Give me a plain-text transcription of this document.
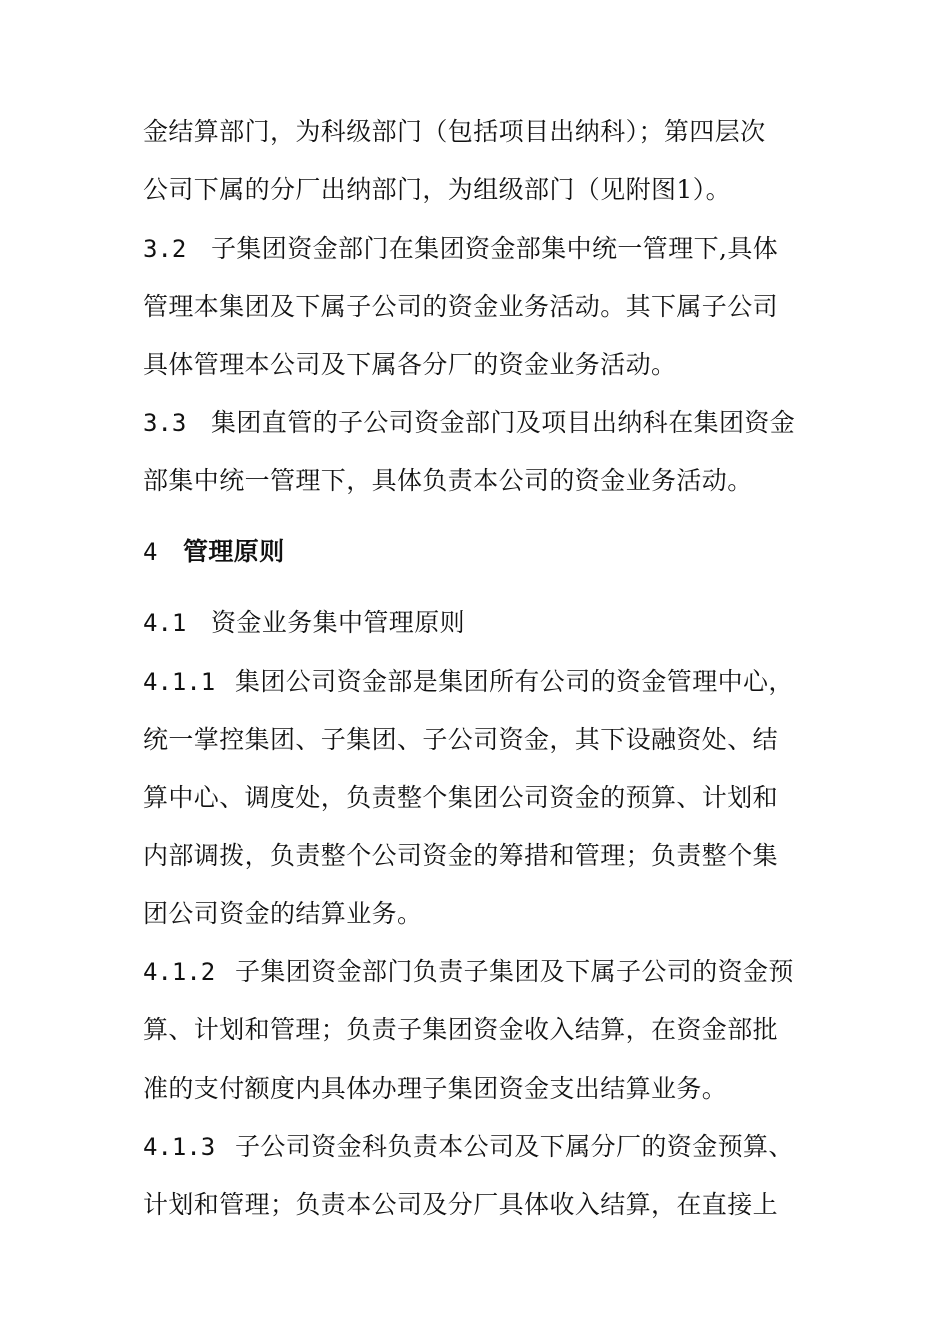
金结算部门，为科级部门（包括项目出纳科）；第四层次
公司下属的分厂出纳部门，为组级部门（见附图1）。
3.2 子集团资金部门在集团资金部集中统一管理下,具体
管理本集团及下属子公司的资金业务活动。其下属子公司
具体管理本公司及下属各分厂的资金业务活动。
3.3 集团直管的子公司资金部门及项目出纳科在集团资金
部集中统一管理下，具体负责本公司的资金业务活动。
4 管理原则
4.1 资金业务集中管理原则
4.1.1 集团公司资金部是集团所有公司的资金管理中心，
统一掌控集团、子集团、子公司资金，其下设融资处、结
算中心、调度处，负责整个集团公司资金的预算、计划和
内部调拨，负责整个公司资金的筹措和管理；负责整个集
团公司资金的结算业务。
4.1.2 子集团资金部门负责子集团及下属子公司的资金预
算、计划和管理；负责子集团资金收入结算，在资金部批
准的支付额度内具体办理子集团资金支出结算业务。
4.1.3 子公司资金科负责本公司及下属分厂的资金预算、
计划和管理；负责本公司及分厂具体收入结算，在直接上
